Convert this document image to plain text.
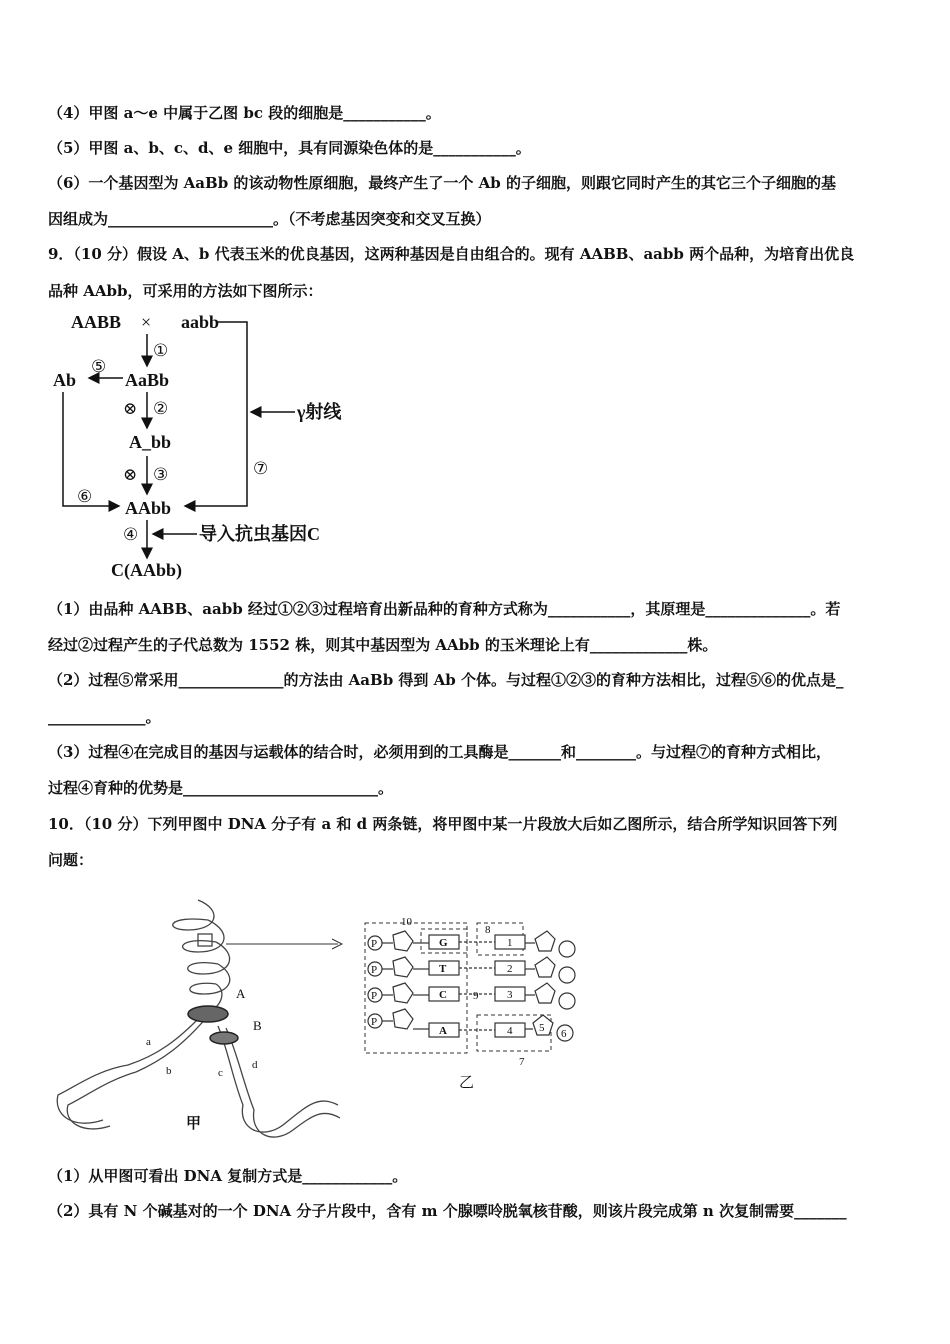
（4）甲图 a～e 中属于乙图 bc 段的细胞是___________。
（5）甲图 a、b、c、d、e 细胞中，具有同源染色体的是___________。
（6）一个基因型为 AaBb 的该动物性原细胞，最终产生了一个 Ab 的子细胞，则跟它同时产生的其它三个子细胞的基
因组成为______________________。（不考虑基因突变和交叉互换）
9．（10 分）假设 A、b 代表玉米的优良基因，这两种基因是自由组合的。现有 AABB、aabb 两个品种，为培育出优良
品种 AAbb，可采用的方法如下图所示：
AABB × aabb
AaBb
Ab
A_bb
AAbb
C(AAbb)
γ射线
导入抗虫基因C
①
⑤
⊗ ②
⊗ ③	⑦
⑥
④
（1）由品种 AABB、aabb 经过①②③过程培育出新品种的育种方式称为___________，其原理是______________。若
经过②过程产生的子代总数为 1552 株，则其中基因型为 AAbb 的玉米理论上有_____________株。
（2）过程⑤常采用______________的方法由 AaBb 得到 Ab 个体。与过程①②③的育种方法相比，过程⑤⑥的优点是_
_____________。
（3）过程④在完成目的基因与运载体的结合时，必须用到的工具酶是_______和________。与过程⑦的育种方式相比，
过程④育种的优势是__________________________。
10．（10 分）下列甲图中 DNA 分子有 a 和 d 两条链，将甲图中某一片段放大后如乙图所示，结合所学知识回答下列
问题：
A
B
a
b	c
d
甲
P
P
P
P
G
T
C
A
1
2
3
4
10
8
9
5 6
7
乙
（1）从甲图可看出 DNA 复制方式是____________。
（2）具有 N 个碱基对的一个 DNA 分子片段中，含有 m 个腺嘌呤脱氧核苷酸，则该片段完成第 n 次复制需要_______
